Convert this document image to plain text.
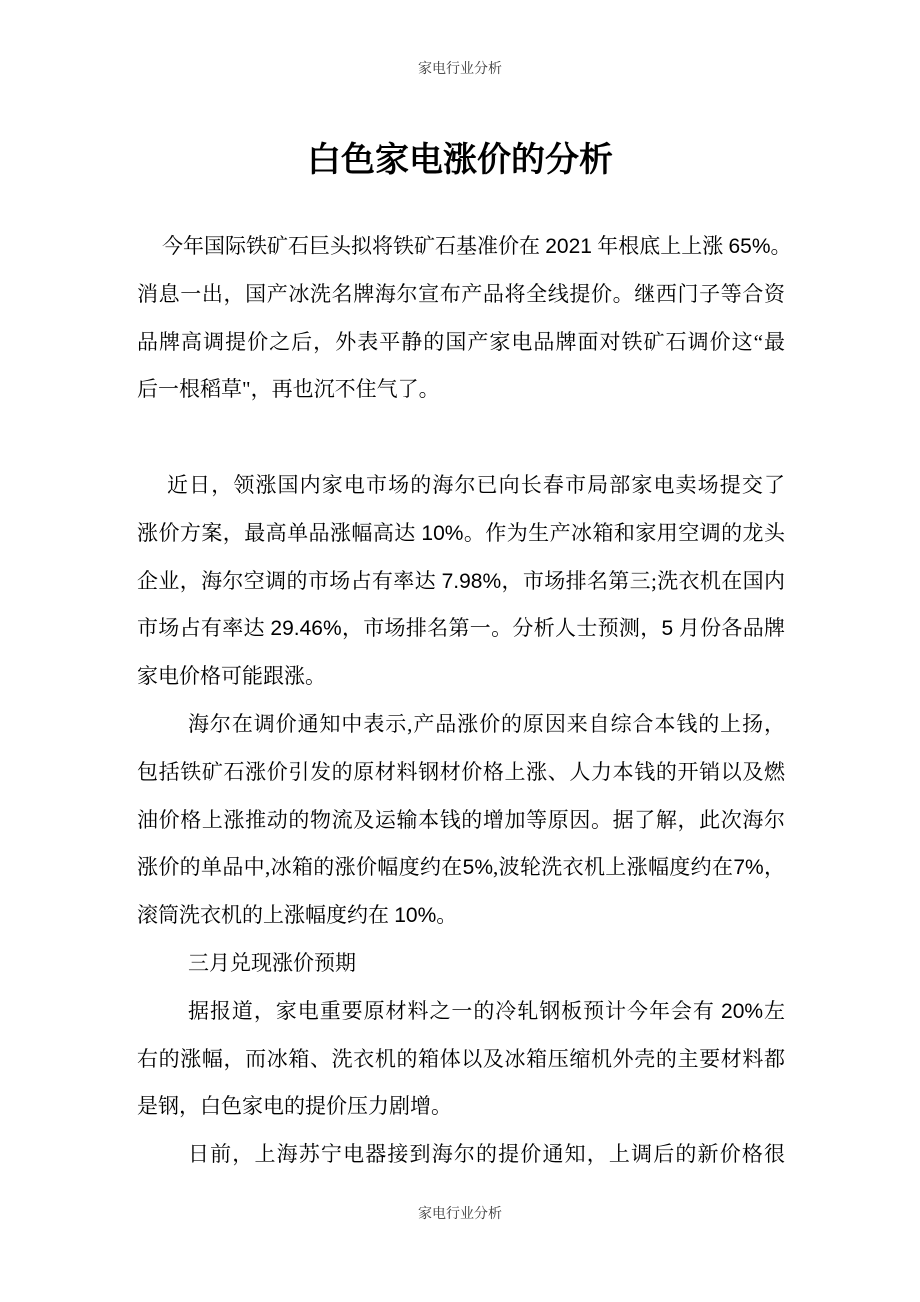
家电行业分析
白色家电涨价的分析
今年国际铁矿石巨头拟将铁矿石基准价在 2021 年根底上上涨 65%。
消息一出，国产冰洗名牌海尔宣布产品将全线提价。继西门子等合资
品牌高调提价之后，外表平静的国产家电品牌面对铁矿石调价这“最
后一根稻草"，再也沉不住气了。
近日，领涨国内家电市场的海尔已向长春市局部家电卖场提交了
涨价方案，最高单品涨幅高达 10%。作为生产冰箱和家用空调的龙头
企业，海尔空调的市场占有率达 7.98%，市场排名第三;洗衣机在国内
市场占有率达 29.46%，市场排名第一。分析人士预测，5 月份各品牌
家电价格可能跟涨。
海尔在调价通知中表示,产品涨价的原因来自综合本钱的上扬，
包括铁矿石涨价引发的原材料钢材价格上涨、人力本钱的开销以及燃
油价格上涨推动的物流及运输本钱的增加等原因。据了解，此次海尔
涨价的单品中,冰箱的涨价幅度约在5%,波轮洗衣机上涨幅度约在7%，
滚筒洗衣机的上涨幅度约在 10%。
三月兑现涨价预期
据报道，家电重要原材料之一的冷轧钢板预计今年会有 20%左
右的涨幅，而冰箱、洗衣机的箱体以及冰箱压缩机外壳的主要材料都
是钢，白色家电的提价压力剧增。
日前，上海苏宁电器接到海尔的提价通知，上调后的新价格很
家电行业分析
